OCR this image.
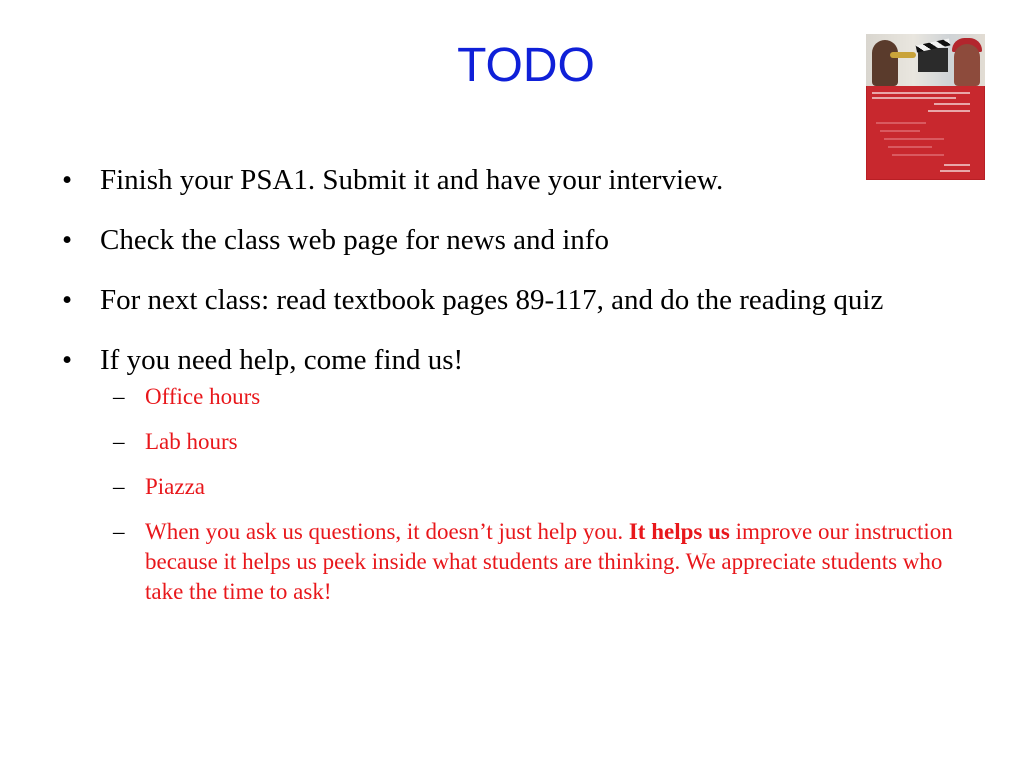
TODO
• Finish your PSA1. Submit it and have your interview.
• Check the class web page for news and info
• For next class: read textbook pages 89-117, and do the reading quiz
• If you need help, come find us!
– Office hours
– Lab hours
– Piazza
– When you ask us questions, it doesn’t just help you. It helps us improve our instruction because it helps us peek inside what students are thinking. We appreciate students who take the time to ask!
